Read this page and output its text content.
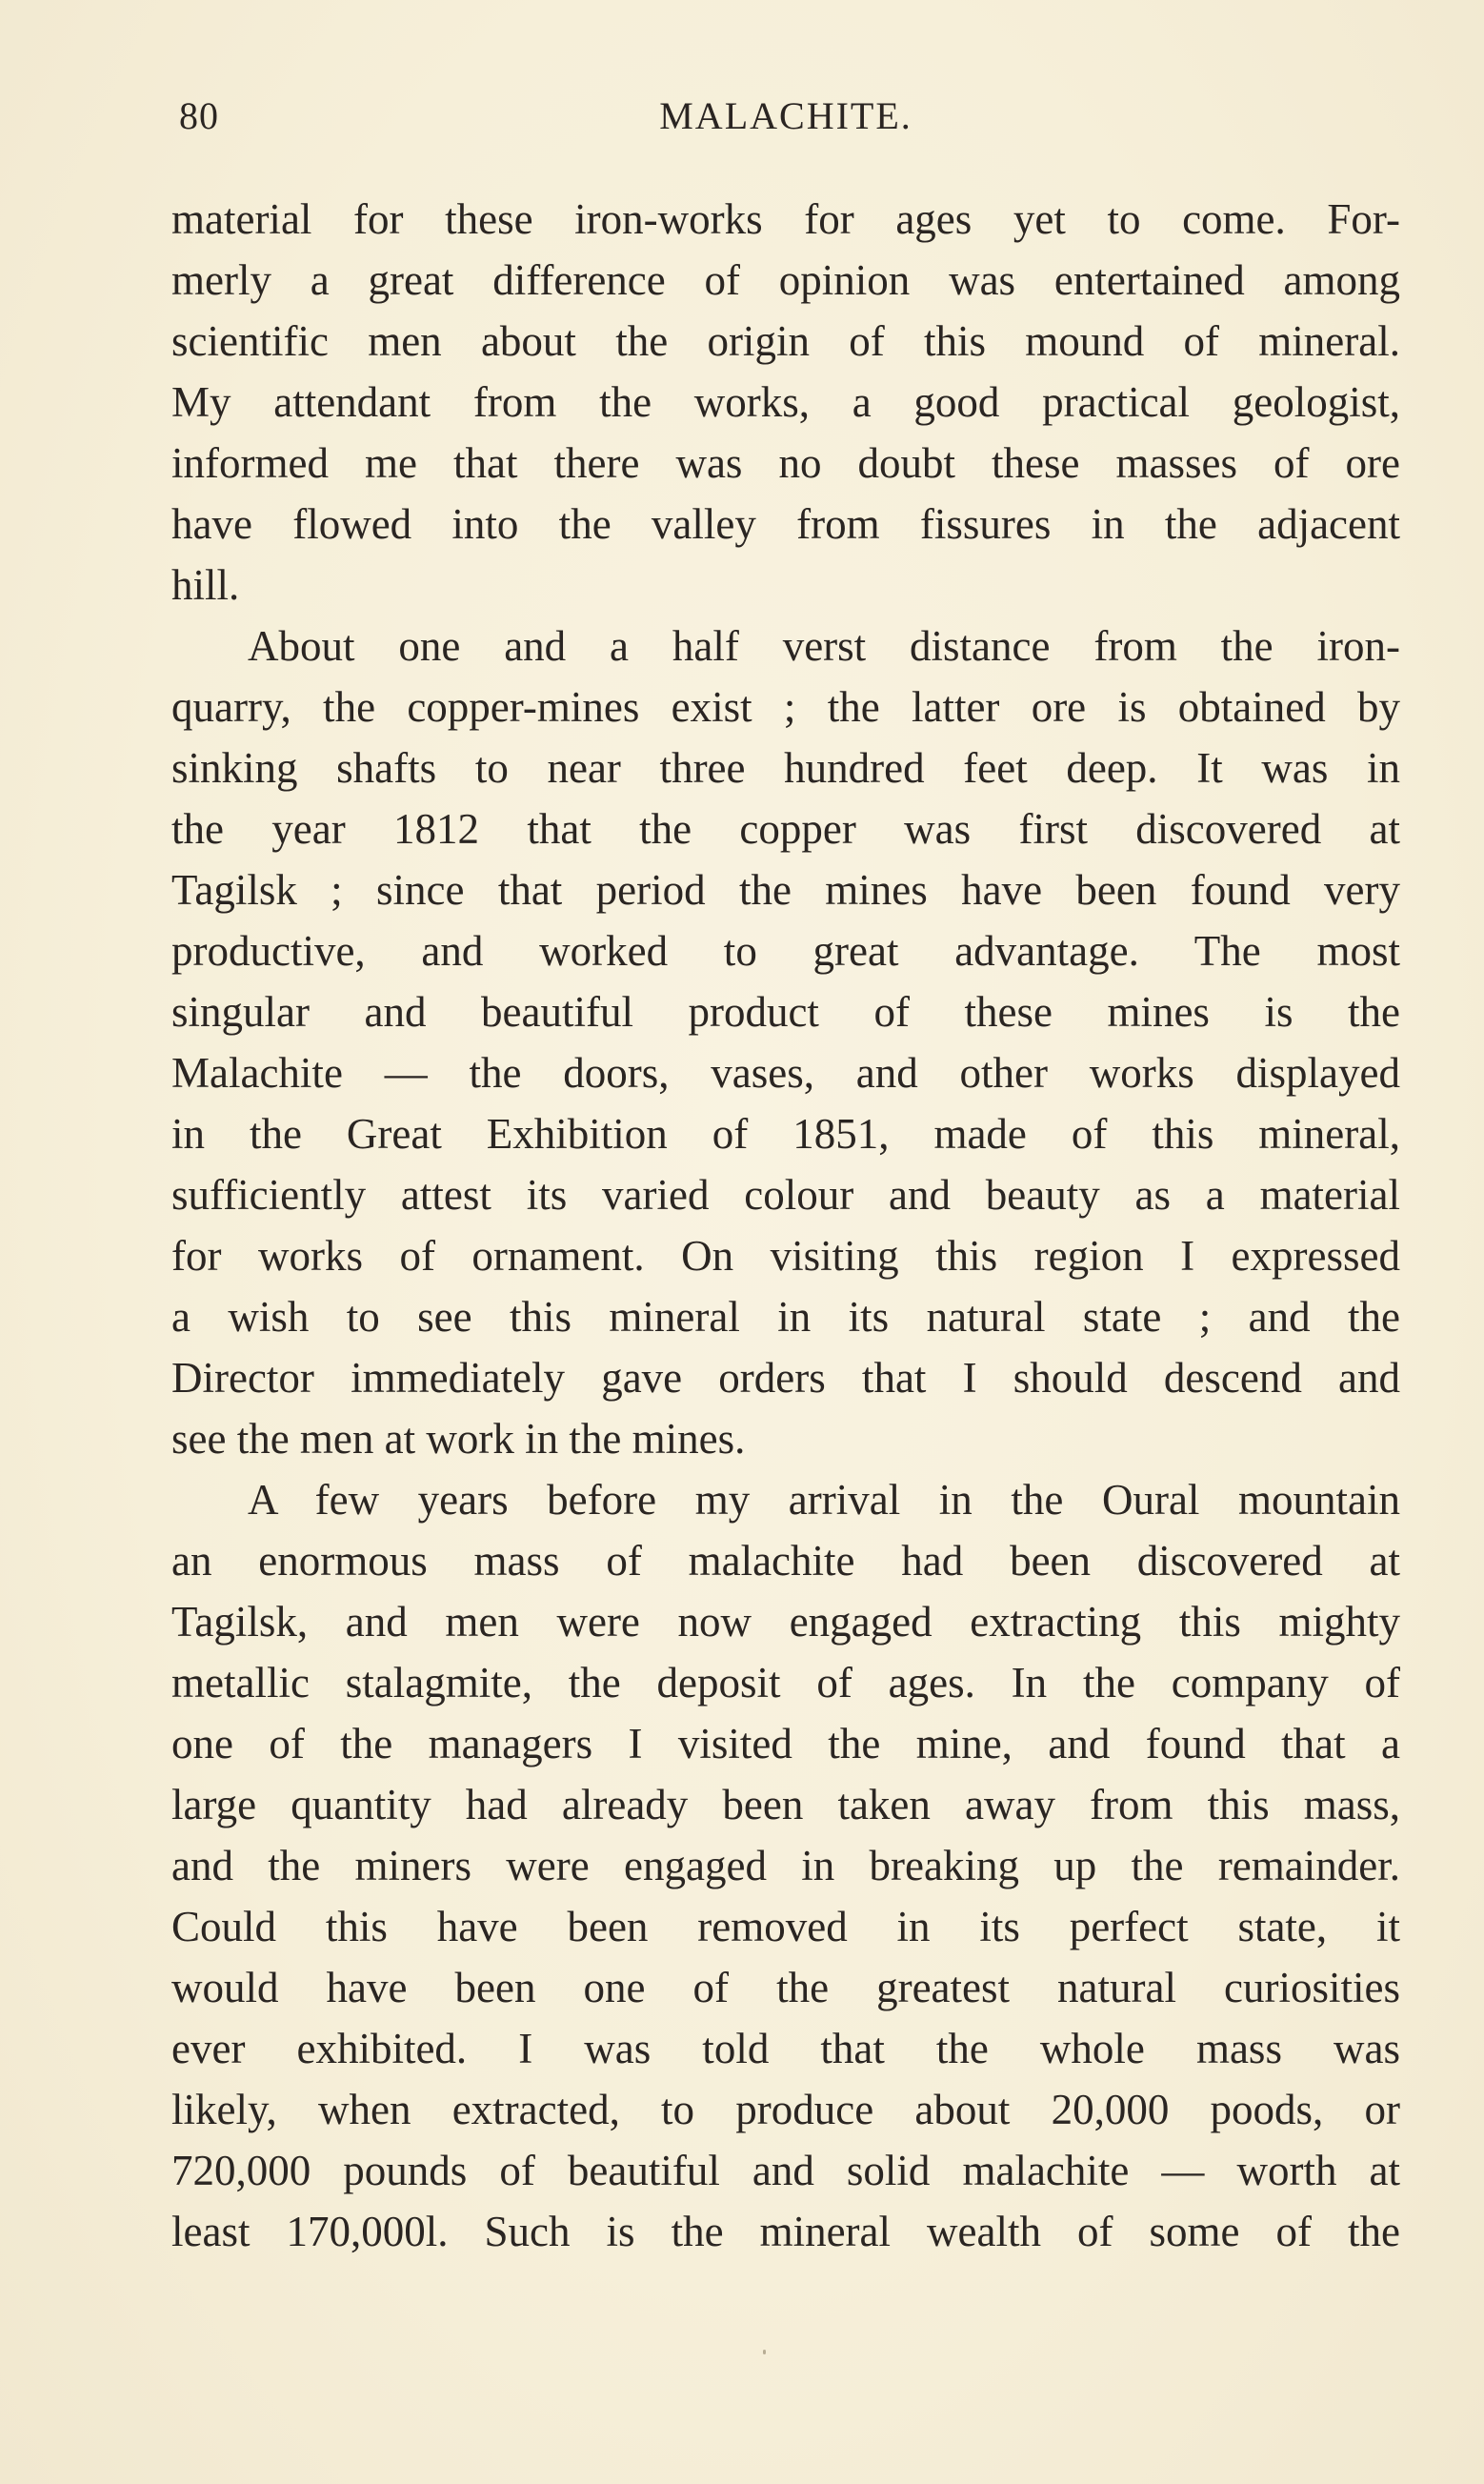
80	MALACHITE.
material for these iron-works for ages yet to come. For-
merly a great difference of opinion was entertained among
scientific men about the origin of this mound of mineral.
My attendant from the works, a good practical geologist,
informed me that there was no doubt these masses of ore
have flowed into the valley from fissures in the adjacent
hill.
About one and a half verst distance from the iron-
quarry, the copper-mines exist ; the latter ore is obtained by
sinking shafts to near three hundred feet deep. It was in
the year 1812 that the copper was first discovered at
Tagilsk ; since that period the mines have been found very
productive, and worked to great advantage. The most
singular and beautiful product of these mines is the
Malachite — the doors, vases, and other works displayed
in the Great Exhibition of 1851, made of this mineral,
sufficiently attest its varied colour and beauty as a material
for works of ornament. On visiting this region I expressed
a wish to see this mineral in its natural state ; and the
Director immediately gave orders that I should descend and
see the men at work in the mines.
A few years before my arrival in the Oural mountain
an enormous mass of malachite had been discovered at
Tagilsk, and men were now engaged extracting this mighty
metallic stalagmite, the deposit of ages. In the company of
one of the managers I visited the mine, and found that a
large quantity had already been taken away from this mass,
and the miners were engaged in breaking up the remainder.
Could this have been removed in its perfect state, it
would have been one of the greatest natural curiosities
ever exhibited. I was told that the whole mass was
likely, when extracted, to produce about 20,000 poods, or
720,000 pounds of beautiful and solid malachite — worth at
least 170,000l. Such is the mineral wealth of some of the
